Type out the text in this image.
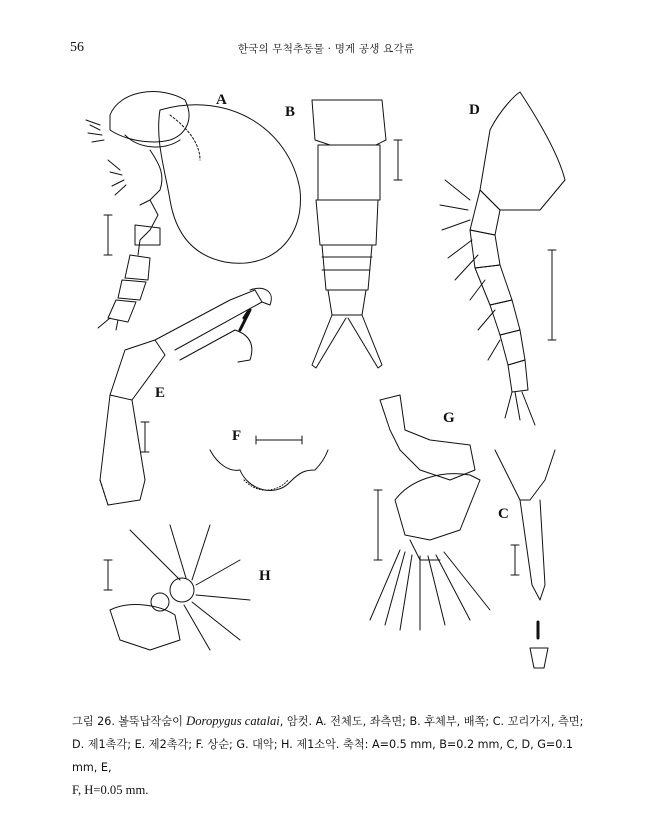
56	한국의 무척추동물 · 명게 공생 요각류
A
B	D
E
F
G
C
H
그림 26. 볼뚝납작숨이 Doropygus catalai, 암컷. A. 전체도, 좌측면; B. 후체부, 배쪽; C. 꼬리가지, 측면;
D. 제1촉각; E. 제2촉각; F. 상순; G. 대악; H. 제1소악. 축척: A=0.5 mm, B=0.2 mm, C, D, G=0.1 mm, E,
F, H=0.05 mm.
